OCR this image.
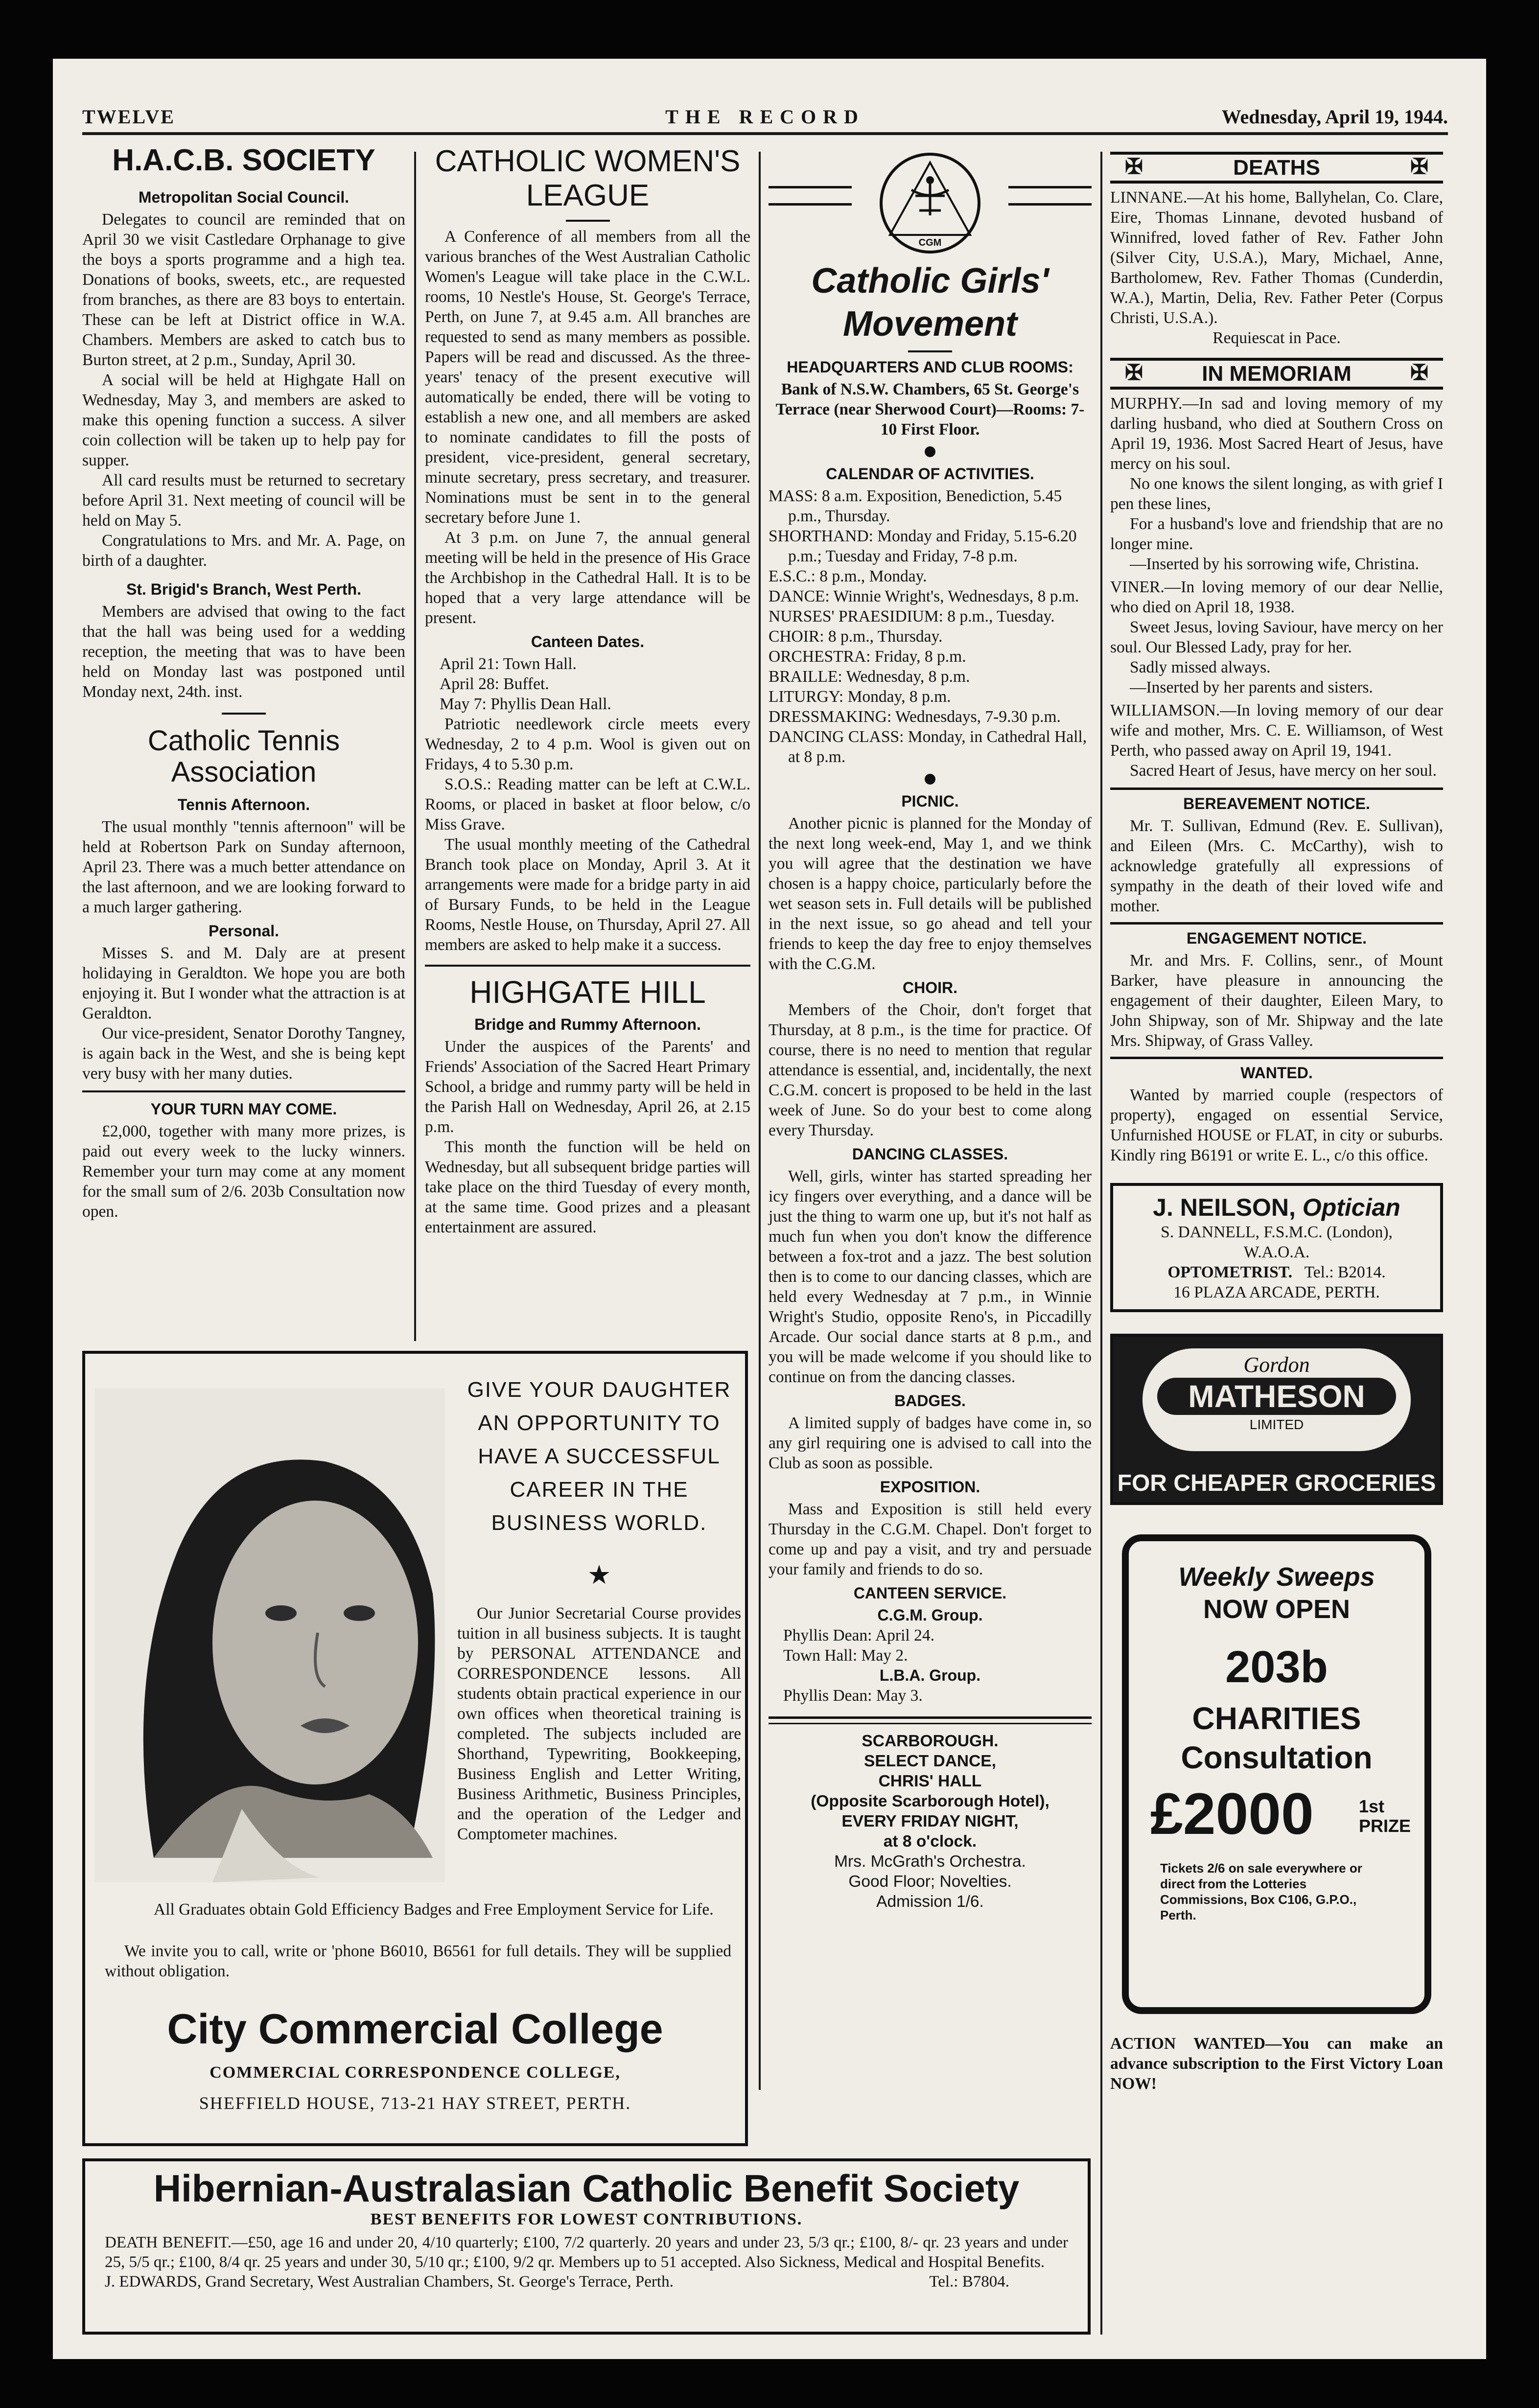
TWELVE	THE RECORD	Wednesday, April 19, 1944.
H.A.C.B. SOCIETY
Metropolitan Social Council.

Delegates to council are reminded that on April 30 we visit Castledare Orphanage to give the boys a sports programme and a high tea. Donations of books, sweets, etc., are requested from branches, as there are 83 boys to entertain. These can be left at District office in W.A. Chambers. Members are asked to catch bus to Burton street, at 2 p.m., Sunday, April 30.

A social will be held at Highgate Hall on Wednesday, May 3, and members are asked to make this opening function a success. A silver coin collection will be taken up to help pay for supper.

All card results must be returned to secretary before April 31. Next meeting of council will be held on May 5.

Congratulations to Mrs. and Mr. A. Page, on birth of a daughter.

St. Brigid's Branch, West Perth.

Members are advised that owing to the fact that the hall was being used for a wedding reception, the meeting that was to have been held on Monday last was postponed until Monday next, 24th. inst.

Catholic Tennis Association
Tennis Afternoon.

The usual monthly "tennis afternoon" will be held at Robertson Park on Sunday afternoon, April 23. There was a much better attendance on the last afternoon, and we are looking forward to a much larger gathering.

Personal.

Misses S. and M. Daly are at present holidaying in Geraldton. We hope you are both enjoying it. But I wonder what the attraction is at Geraldton.

Our vice-president, Senator Dorothy Tangney, is again back in the West, and she is being kept very busy with her many duties.

YOUR TURN MAY COME.

£2,000, together with many more prizes, is paid out every week to the lucky winners. Remember your turn may come at any moment for the small sum of 2/6. 203b Consultation now open.

CATHOLIC WOMEN'S LEAGUE

A Conference of all members from all the various branches of the West Australian Catholic Women's League will take place in the C.W.L. rooms, 10 Nestle's House, St. George's Terrace, Perth, on June 7, at 9.45 a.m. All branches are requested to send as many members as possible. Papers will be read and discussed. As the three-years' tenacy of the present executive will automatically be ended, there will be voting to establish a new one, and all members are asked to nominate candidates to fill the posts of president, vice-president, general secretary, minute secretary, press secretary, and treasurer. Nominations must be sent in to the general secretary before June 1.

At 3 p.m. on June 7, the annual general meeting will be held in the presence of His Grace the Archbishop in the Cathedral Hall. It is to be hoped that a very large attendance will be present.

Canteen Dates.

April 21: Town Hall.

April 28: Buffet.

May 7: Phyllis Dean Hall.

Patriotic needlework circle meets every Wednesday, 2 to 4 p.m. Wool is given out on Fridays, 4 to 5.30 p.m.

S.O.S.: Reading matter can be left at C.W.L. Rooms, or placed in basket at floor below, c/o Miss Grave.

The usual monthly meeting of the Cathedral Branch took place on Monday, April 3. At it arrangements were made for a bridge party in aid of Bursary Funds, to be held in the League Rooms, Nestle House, on Thursday, April 27. All members are asked to help make it a success.

HIGHGATE HILL
Bridge and Rummy Afternoon.

Under the auspices of the Parents' and Friends' Association of the Sacred Heart Primary School, a bridge and rummy party will be held in the Parish Hall on Wednesday, April 26, at 2.15 p.m.

This month the function will be held on Wednesday, but all subsequent bridge parties will take place on the third Tuesday of every month, at the same time. Good prizes and a pleasant entertainment are assured.

CGM
Catholic Girls' Movement
HEADQUARTERS AND CLUB ROOMS:

Bank of N.S.W. Chambers, 65 St. George's Terrace (near Sherwood Court)—Rooms: 7-10 First Floor.

CALENDAR OF ACTIVITIES.

MASS: 8 a.m. Exposition, Benediction, 5.45 p.m., Thursday.

SHORTHAND: Monday and Friday, 5.15-6.20 p.m.; Tuesday and Friday, 7-8 p.m.

E.S.C.: 8 p.m., Monday.

DANCE: Winnie Wright's, Wednesdays, 8 p.m.

NURSES' PRAESIDIUM: 8 p.m., Tuesday.

CHOIR: 8 p.m., Thursday.

ORCHESTRA: Friday, 8 p.m.

BRAILLE: Wednesday, 8 p.m.

LITURGY: Monday, 8 p.m.

DRESSMAKING: Wednesdays, 7-9.30 p.m.

DANCING CLASS: Monday, in Cathedral Hall, at 8 p.m.

PICNIC.

Another picnic is planned for the Monday of the next long week-end, May 1, and we think you will agree that the destination we have chosen is a happy choice, particularly before the wet season sets in. Full details will be published in the next issue, so go ahead and tell your friends to keep the day free to enjoy themselves with the C.G.M.

CHOIR.

Members of the Choir, don't forget that Thursday, at 8 p.m., is the time for practice. Of course, there is no need to mention that regular attendance is essential, and, incidentally, the next C.G.M. concert is proposed to be held in the last week of June. So do your best to come along every Thursday.

DANCING CLASSES.

Well, girls, winter has started spreading her icy fingers over everything, and a dance will be just the thing to warm one up, but it's not half as much fun when you don't know the difference between a fox-trot and a jazz. The best solution then is to come to our dancing classes, which are held every Wednesday at 7 p.m., in Winnie Wright's Studio, opposite Reno's, in Piccadilly Arcade. Our social dance starts at 8 p.m., and you will be made welcome if you should like to continue on from the dancing classes.

BADGES.

A limited supply of badges have come in, so any girl requiring one is advised to call into the Club as soon as possible.

EXPOSITION.

Mass and Exposition is still held every Thursday in the C.G.M. Chapel. Don't forget to come up and pay a visit, and try and persuade your family and friends to do so.

CANTEEN SERVICE.
C.G.M. Group.

Phyllis Dean: April 24.

Town Hall: May 2.

L.B.A. Group.

Phyllis Dean: May 3.

SCARBOROUGH.
SELECT DANCE,
CHRIS' HALL
(Opposite Scarborough Hotel),
EVERY FRIDAY NIGHT,
at 8 o'clock.
Mrs. McGrath's Orchestra.
Good Floor; Novelties.
Admission 1/6.
✠	DEATHS	✠

LINNANE.—At his home, Ballyhelan, Co. Clare, Eire, Thomas Linnane, devoted husband of Winnifred, loved father of Rev. Father John (Silver City, U.S.A.), Mary, Michael, Anne, Bartholomew, Rev. Father Thomas (Cunderdin, W.A.), Martin, Delia, Rev. Father Peter (Corpus Christi, U.S.A.).

Requiescat in Pace.

✠	IN MEMORIAM	✠

MURPHY.—In sad and loving memory of my darling husband, who died at Southern Cross on April 19, 1936. Most Sacred Heart of Jesus, have mercy on his soul.

No one knows the silent longing, as with grief I pen these lines,

For a husband's love and friendship that are no longer mine.

—Inserted by his sorrowing wife, Christina.

VINER.—In loving memory of our dear Nellie, who died on April 18, 1938.

Sweet Jesus, loving Saviour, have mercy on her soul. Our Blessed Lady, pray for her.

Sadly missed always.

—Inserted by her parents and sisters.

WILLIAMSON.—In loving memory of our dear wife and mother, Mrs. C. E. Williamson, of West Perth, who passed away on April 19, 1941.

Sacred Heart of Jesus, have mercy on her soul.

BEREAVEMENT NOTICE.

Mr. T. Sullivan, Edmund (Rev. E. Sullivan), and Eileen (Mrs. C. McCarthy), wish to acknowledge gratefully all expressions of sympathy in the death of their loved wife and mother.

ENGAGEMENT NOTICE.

Mr. and Mrs. F. Collins, senr., of Mount Barker, have pleasure in announcing the engagement of their daughter, Eileen Mary, to John Shipway, son of Mr. Shipway and the late Mrs. Shipway, of Grass Valley.

WANTED.

Wanted by married couple (respectors of property), engaged on essential Service, Unfurnished HOUSE or FLAT, in city or suburbs. Kindly ring B6191 or write E. L., c/o this office.

J. NEILSON, Optician
S. DANNELL, F.S.M.C. (London),
W.A.O.A.
OPTOMETRIST. Tel.: B2014.
16 PLAZA ARCADE, PERTH.
Gordon
MATHESON
LIMITED
FOR CHEAPER GROCERIES
Weekly Sweeps
NOW OPEN
203b
CHARITIES
Consultation
£2000	1st PRIZE
Tickets 2/6 on sale everywhere or direct from the Lotteries Commissions, Box C106, G.P.O., Perth.

ACTION WANTED—You can make an advance subscription to the First Victory Loan NOW!

GIVE YOUR DAUGHTER AN OPPORTUNITY TO HAVE A SUCCESSFUL CAREER IN THE BUSINESS WORLD.
★
Our Junior Secretarial Course provides tuition in all business subjects. It is taught by PERSONAL ATTENDANCE and CORRESPONDENCE lessons. All students obtain practical experience in our own offices when theoretical training is completed. The subjects included are Shorthand, Typewriting, Bookkeeping, Business English and Letter Writing, Business Arithmetic, Business Principles, and the operation of the Ledger and Comptometer machines.
All Graduates obtain Gold Efficiency Badges and Free Employment Service for Life.
We invite you to call, write or 'phone B6010, B6561 for full details. They will be supplied without obligation.
City Commercial College
COMMERCIAL CORRESPONDENCE COLLEGE,
SHEFFIELD HOUSE, 713-21 HAY STREET, PERTH.
Hibernian-Australasian Catholic Benefit Society
BEST BENEFITS FOR LOWEST CONTRIBUTIONS.
DEATH BENEFIT.—£50, age 16 and under 20, 4/10 quarterly; £100, 7/2 quarterly. 20 years and under 23, 5/3 qr.; £100, 8/- qr. 23 years and under 25, 5/5 qr.; £100, 8/4 qr. 25 years and under 30, 5/10 qr.; £100, 9/2 qr. Members up to 51 accepted. Also Sickness, Medical and Hospital Benefits.
J. EDWARDS, Grand Secretary, West Australian Chambers, St. George's Terrace, Perth.	Tel.: B7804.
